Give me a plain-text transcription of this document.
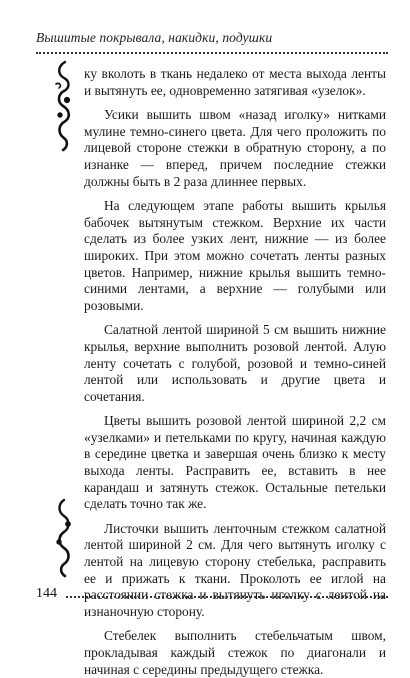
Вышитые покрывала, накидки, подушки

ку вколоть в ткань недалеко от места выхода ленты и вытянуть ее, одновременно затягивая «узелок».

Усики вышить швом «назад иголку» нитками мулине темно-синего цвета. Для чего проложить по лицевой стороне стежки в обратную сторону, а по изнанке — вперед, причем последние стежки должны быть в 2 раза длиннее первых.

На следующем этапе работы вышить крылья бабочек вытянутым стежком. Верхние их части сделать из более узких лент, нижние — из более широких. При этом можно сочетать ленты разных цветов. Например, нижние крылья вышить темно-синими лентами, а верхние — голубыми или розовыми.

Салатной лентой шириной 5 см вышить нижние крылья, верхние выполнить розовой лентой. Алую ленту сочетать с голубой, розовой и темно-синей лентой или использовать и другие цвета и сочетания.

Цветы вышить розовой лентой шириной 2,2 см «узелками» и петельками по кругу, начиная каждую в середине цветка и завершая очень близко к месту выхода ленты. Расправить ее, вставить в нее карандаш и затянуть стежок. Остальные петельки сделать точно так же.

Листочки вышить ленточным стежком салатной лентой шириной 2 см. Для чего вытянуть иголку с лентой на лицевую сторону стебелька, расправить ее и прижать к ткани. Проколоть ее иглой на расстоянии стежка и вытянуть иголку с лентой на изнаночную сторону.

Стебелек выполнить стебельчатым швом, прокладывая каждый стежок по диагонали и начиная с середины предыдущего стежка.

144
